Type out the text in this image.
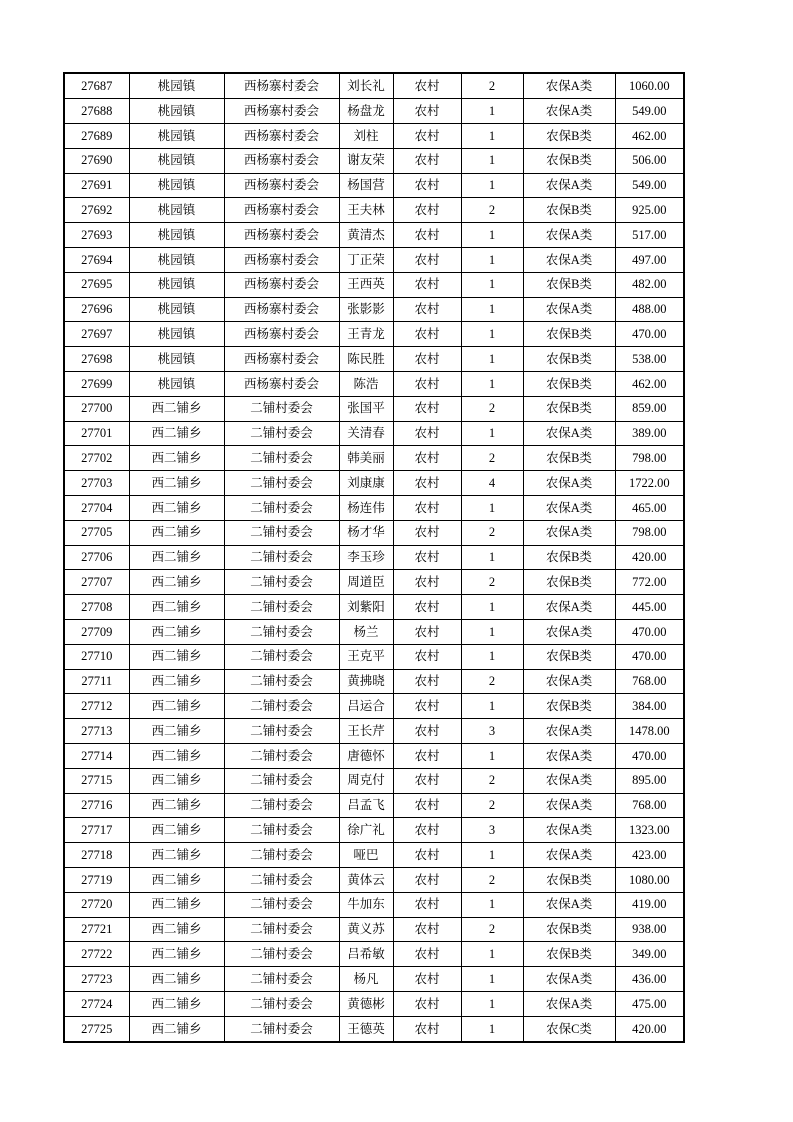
27687	桃园镇	西杨寨村委会	刘长礼	农村	2	农保A类	1060.00
27688	桃园镇	西杨寨村委会	杨盘龙	农村	1	农保A类	549.00
27689	桃园镇	西杨寨村委会	刘柱	农村	1	农保B类	462.00
27690	桃园镇	西杨寨村委会	谢友荣	农村	1	农保B类	506.00
27691	桃园镇	西杨寨村委会	杨国营	农村	1	农保A类	549.00
27692	桃园镇	西杨寨村委会	王夫林	农村	2	农保B类	925.00
27693	桃园镇	西杨寨村委会	黄清杰	农村	1	农保A类	517.00
27694	桃园镇	西杨寨村委会	丁正荣	农村	1	农保A类	497.00
27695	桃园镇	西杨寨村委会	王西英	农村	1	农保B类	482.00
27696	桃园镇	西杨寨村委会	张影影	农村	1	农保A类	488.00
27697	桃园镇	西杨寨村委会	王青龙	农村	1	农保B类	470.00
27698	桃园镇	西杨寨村委会	陈民胜	农村	1	农保B类	538.00
27699	桃园镇	西杨寨村委会	陈浩	农村	1	农保B类	462.00
27700	西二铺乡	二铺村委会	张国平	农村	2	农保B类	859.00
27701	西二铺乡	二铺村委会	关清春	农村	1	农保A类	389.00
27702	西二铺乡	二铺村委会	韩美丽	农村	2	农保B类	798.00
27703	西二铺乡	二铺村委会	刘康康	农村	4	农保A类	1722.00
27704	西二铺乡	二铺村委会	杨连伟	农村	1	农保A类	465.00
27705	西二铺乡	二铺村委会	杨才华	农村	2	农保A类	798.00
27706	西二铺乡	二铺村委会	李玉珍	农村	1	农保B类	420.00
27707	西二铺乡	二铺村委会	周道臣	农村	2	农保B类	772.00
27708	西二铺乡	二铺村委会	刘紫阳	农村	1	农保A类	445.00
27709	西二铺乡	二铺村委会	杨兰	农村	1	农保A类	470.00
27710	西二铺乡	二铺村委会	王克平	农村	1	农保B类	470.00
27711	西二铺乡	二铺村委会	黄拂晓	农村	2	农保A类	768.00
27712	西二铺乡	二铺村委会	吕运合	农村	1	农保B类	384.00
27713	西二铺乡	二铺村委会	王长芹	农村	3	农保A类	1478.00
27714	西二铺乡	二铺村委会	唐德怀	农村	1	农保A类	470.00
27715	西二铺乡	二铺村委会	周克付	农村	2	农保A类	895.00
27716	西二铺乡	二铺村委会	吕孟飞	农村	2	农保A类	768.00
27717	西二铺乡	二铺村委会	徐广礼	农村	3	农保A类	1323.00
27718	西二铺乡	二铺村委会	哑巴	农村	1	农保A类	423.00
27719	西二铺乡	二铺村委会	黄体云	农村	2	农保B类	1080.00
27720	西二铺乡	二铺村委会	牛加东	农村	1	农保A类	419.00
27721	西二铺乡	二铺村委会	黄义苏	农村	2	农保B类	938.00
27722	西二铺乡	二铺村委会	吕希敏	农村	1	农保B类	349.00
27723	西二铺乡	二铺村委会	杨凡	农村	1	农保A类	436.00
27724	西二铺乡	二铺村委会	黄德彬	农村	1	农保A类	475.00
27725	西二铺乡	二铺村委会	王德英	农村	1	农保C类	420.00
